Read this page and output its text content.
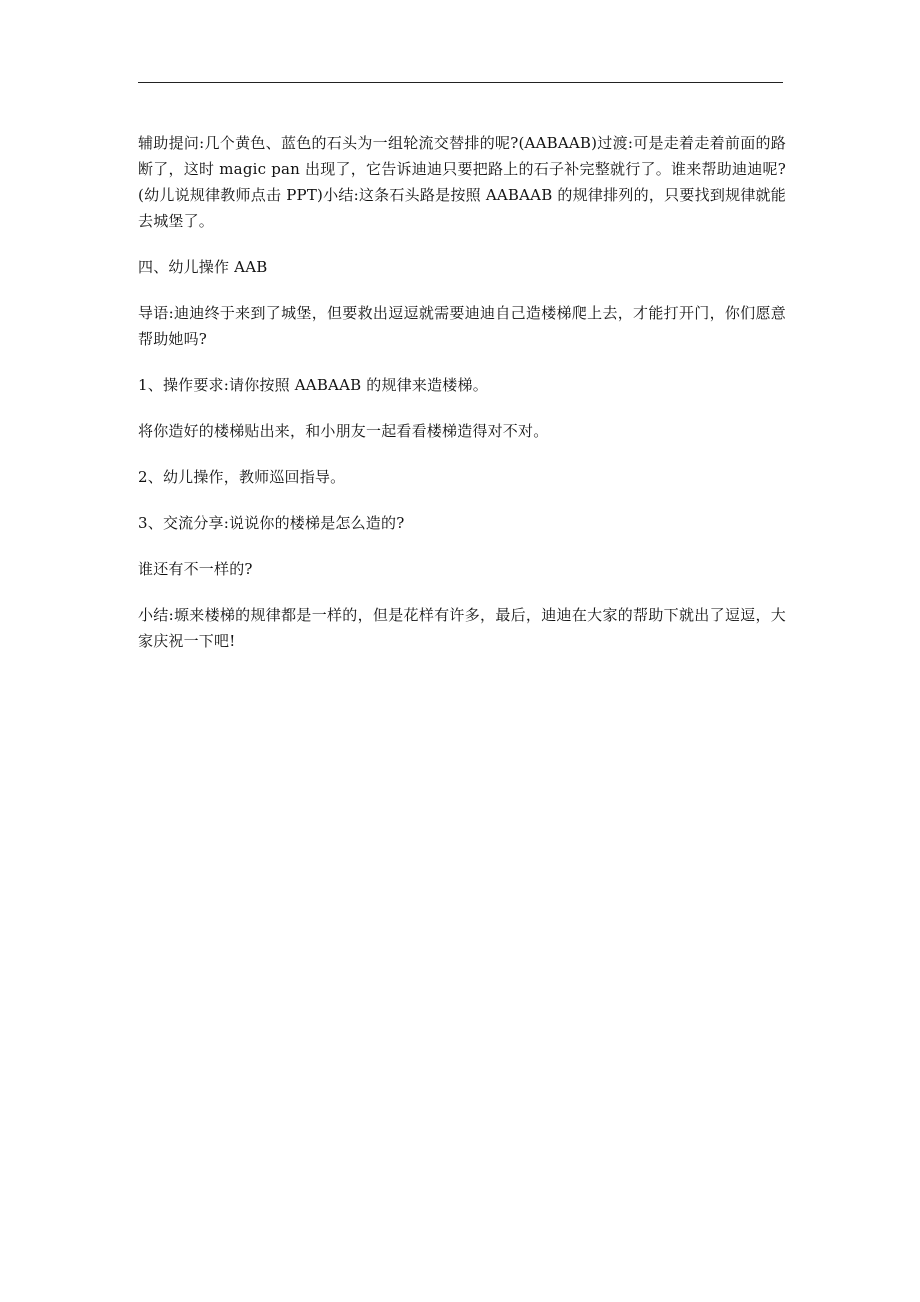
辅助提问:几个黄色、蓝色的石头为一组轮流交替排的呢?(AABAAB)过渡:可是走着走着前面的路断了，这时 magic pan 出现了，它告诉迪迪只要把路上的石子补完整就行了。谁来帮助迪迪呢?(幼儿说规律教师点击 PPT)小结:这条石头路是按照 AABAAB 的规律排列的，只要找到规律就能去城堡了。

四、幼儿操作 AAB

导语:迪迪终于来到了城堡，但要救出逗逗就需要迪迪自己造楼梯爬上去，才能打开门，你们愿意帮助她吗?

1、操作要求:请你按照 AABAAB 的规律来造楼梯。

将你造好的楼梯贴出来，和小朋友一起看看楼梯造得对不对。

2、幼儿操作，教师巡回指导。

3、交流分享:说说你的楼梯是怎么造的?

谁还有不一样的?

小结:塬来楼梯的规律都是一样的，但是花样有许多，最后，迪迪在大家的帮助下就出了逗逗，大家庆祝一下吧!
